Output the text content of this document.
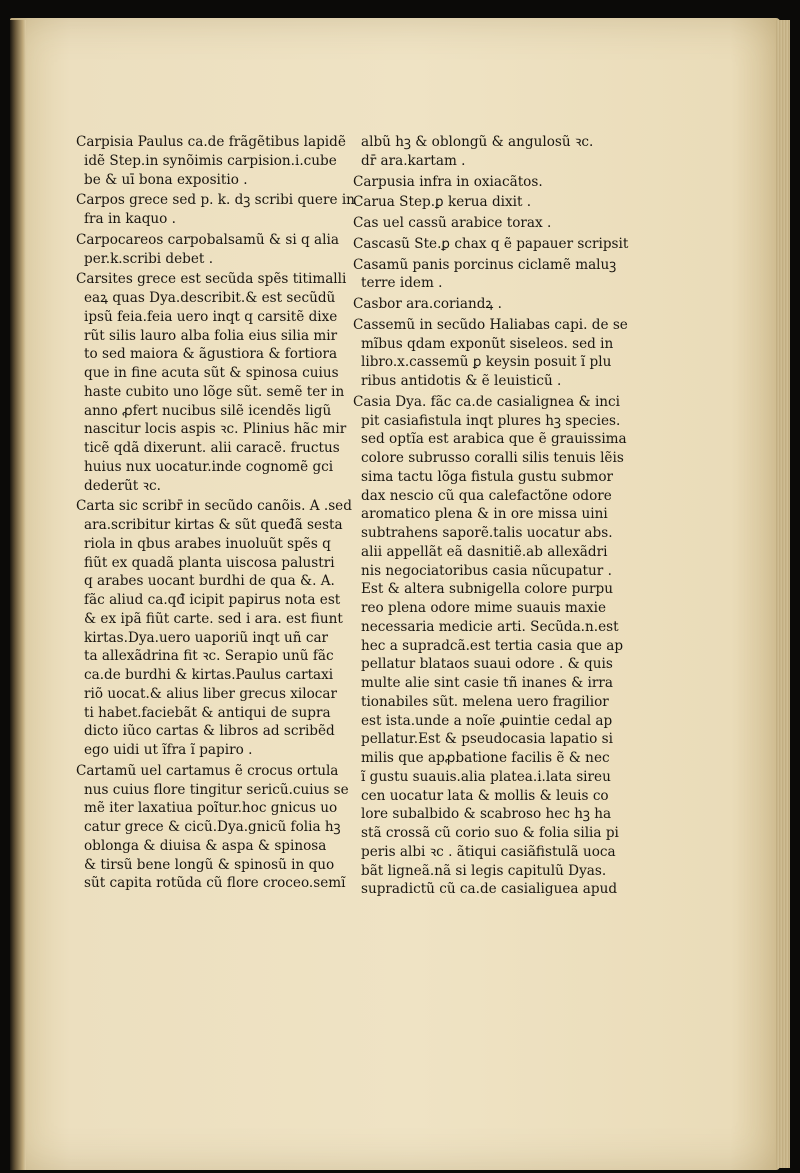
Carpisia Paulus ca.de frãgẽtibus lapidẽ
idẽ Step.in synõimis carpision.i.cube
be & uī bona expositio .
Carpos grece sed p. k. dꝫ scribi quere in
fra in kaquo .
Carpocareos carpobalsamũ & si q alia
per.k.scribi debet .
Carsites grece est secũda spẽs titimalli
eaꝝ quas Dya.describit.& est secũdũ
ipsũ feia.feia uero inqt q carsitẽ dixe
rũt silis lauro alba folia eius silia mir
to sed maiora & ãgustiora & fortiora
que in fine acuta sũt & spinosa cuius
haste cubito uno lõge sũt. semẽ ter in
anno ꝓfert nucibus silẽ icendẽs ligũ
nascitur locis aspis ꝛc. Plinius hãc mir
ticẽ qdã dixerunt. alii caracẽ. fructus
huius nux uocatur.inde cognomẽ gci
dederũt ꝛc.
Carta sic scribr̄ in secũdo canõis. A .sed
ara.scribitur kirtas & sũt queđã sesta
riola in qbus arabes inuoluũt spẽs q
fiũt ex quadã planta uiscosa palustri
q arabes uocant burdhi de qua &. A.
fãc aliud ca.qđ icipit papirus nota est
& ex ipã fiũt carte. sed i ara. est fiunt
kirtas.Dya.uero uaporiũ inqt uñ car
ta allexãdrina fit ꝛc. Serapio unũ fãc
ca.de burdhi & kirtas.Paulus cartaxi
riõ uocat.& alius liber grecus xilocar
ti habet.faciebãt & antiqui de supra
dicto iũco cartas & libros ad scribẽd
ego uidi ut ĩfra ĩ papiro .
Cartamũ uel cartamus ẽ crocus ortula
nus cuius flore tingitur sericũ.cuius se
mẽ iter laxatiua poĩtur.hoc gnicus uo
catur grece & cicũ.Dya.gnicũ folia hꝫ
oblonga & diuisa & aspa & spinosa
& tirsũ bene longũ & spinosũ in quo
sũt capita rotũda cũ flore croceo.semĩ
albũ hꝫ & oblongũ & angulosũ ꝛc.
dr̄ ara.kartam .
Carpusia infra in oxiacãtos.
Carua Step.ꝑ kerua dixit .
Cas uel cassũ arabice torax .
Cascasũ Ste.ꝑ chax q ẽ papauer scripsit
Casamũ panis porcinus ciclamẽ maluꝫ
terre idem .
Casbor ara.coriandꝝ .
Cassemũ in secũdo Haliabas capi. de se
mĩbus qdam exponũt siseleos. sed in
libro.x.cassemũ ꝑ keysin posuit ĩ plu
ribus antidotis & ẽ leuisticũ .
Casia Dya. fãc ca.de casialignea & inci
pit casiafistula inqt plures hꝫ species.
sed optĩa est arabica que ẽ grauissima
colore subrusso coralli silis tenuis lẽis
sima tactu lõga fistula gustu submor
dax nescio cũ qua calefactõne odore
aromatico plena & in ore missa uini
subtrahens saporẽ.talis uocatur abs.
alii appellãt eã dasnitiẽ.ab allexãdri
nis negociatoribus casia nũcupatur .
Est & altera subnigella colore purpu
reo plena odore mime suauis maxie
necessaria medicie arti. Secũda.n.est
hec a supradcã.est tertia casia que ap
pellatur blataos suaui odore . & quis
multe alie sint casie tñ inanes & irra
tionabiles sũt. melena uero fragilior
est ista.unde a noĩe ꝓuintie cedal ap
pellatur.Est & pseudocasia lapatio si
milis que apꝓbatione facilis ẽ & nec
ĩ gustu suauis.alia platea.i.lata sireu
cen uocatur lata & mollis & leuis co
lore subalbido & scabroso hec hꝫ ha
stã crossã cũ corio suo & folia silia pi
peris albi ꝛc . ãtiqui casiãfistulã uoca
bãt ligneã.nã si legis capitulũ Dyas.
supradictũ cũ ca.de casialiguea apud
